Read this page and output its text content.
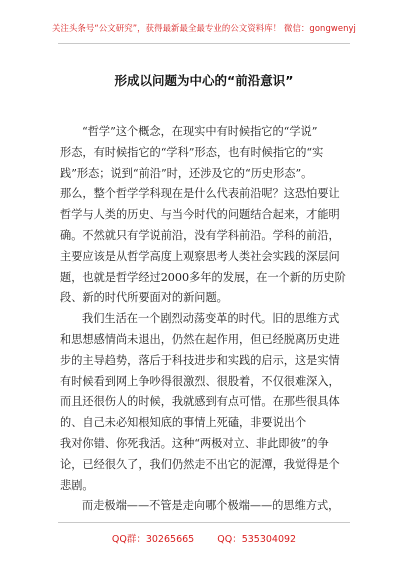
关注头条号“公文研究”，获得最新最全最专业的公文资料库！ 微信：gongwenyj
形成以问题为中心的“前沿意识”
“哲学”这个概念，在现实中有时候指它的“学说”
形态，有时候指它的“学科”形态，也有时候指它的“实
践”形态；说到“前沿”时，还涉及它的“历史形态”。
那么，整个哲学学科现在是什么代表前沿呢？这恐怕要让
哲学与人类的历史、与当今时代的问题结合起来，才能明
确。不然就只有学说前沿，没有学科前沿。学科的前沿，
主要应该是从哲学高度上观察思考人类社会实践的深层问
题，也就是哲学经过2000多年的发展，在一个新的历史阶
段、新的时代所要面对的新问题。
我们生活在一个剧烈动荡变革的时代。旧的思维方式
和思想感情尚未退出，仍然在起作用，但已经脱离历史进
步的主导趋势，落后于科技进步和实践的启示，这是实情
有时候看到网上争吵得很激烈、很股着，不仅很难深入，
而且还很伤人的时候，我就感到有点可惜。在那些很具体
的、自己未必知根知底的事情上死磕，非要说出个
我对你错、你死我活。这种“两极对立、非此即彼”的争
论，已经很久了，我们仍然走不出它的泥潭，我觉得是个
悲剧。
而走极端——不管是走向哪个极端——的思维方式，
QQ群：30265665 QQ：535304092
